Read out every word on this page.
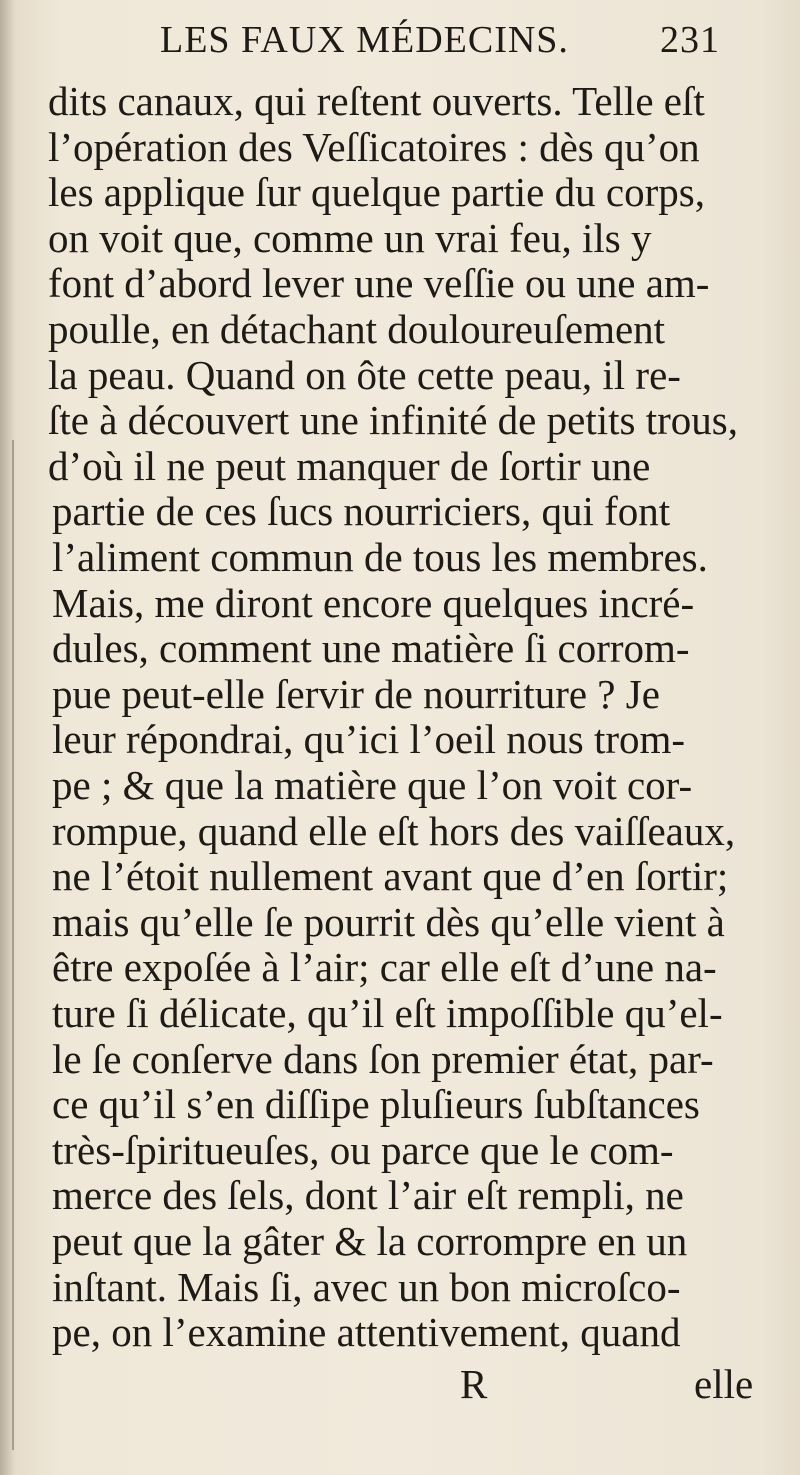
LES FAUX MÉDECINS. 231
dits canaux, qui reſtent ouverts. Telle eſt
l’opération des Veſſicatoires : dès qu’on
les applique ſur quelque partie du corps,
on voit que, comme un vrai feu, ils y
font d’abord lever une veſſie ou une am-
poulle, en détachant douloureuſement
la peau. Quand on ôte cette peau, il re-
ſte à découvert une infinité de petits trous,
d’où il ne peut manquer de ſortir une
partie de ces ſucs nourriciers, qui font
l’aliment commun de tous les membres.
Mais, me diront encore quelques incré-
dules, comment une matière ſi corrom-
pue peut-elle ſervir de nourriture ? Je
leur répondrai, qu’ici l’oeil nous trom-
pe ; & que la matière que l’on voit cor-
rompue, quand elle eſt hors des vaiſſeaux,
ne l’étoit nullement avant que d’en ſortir;
mais qu’elle ſe pourrit dès qu’elle vient à
être expoſée à l’air; car elle eſt d’une na-
ture ſi délicate, qu’il eſt impoſſible qu’el-
le ſe conſerve dans ſon premier état, par-
ce qu’il s’en diſſipe pluſieurs ſubſtances
très-ſpiritueuſes, ou parce que le com-
merce des ſels, dont l’air eſt rempli, ne
peut que la gâter & la corrompre en un
inſtant. Mais ſi, avec un bon microſco-
pe, on l’examine attentivement, quand
R	elle
